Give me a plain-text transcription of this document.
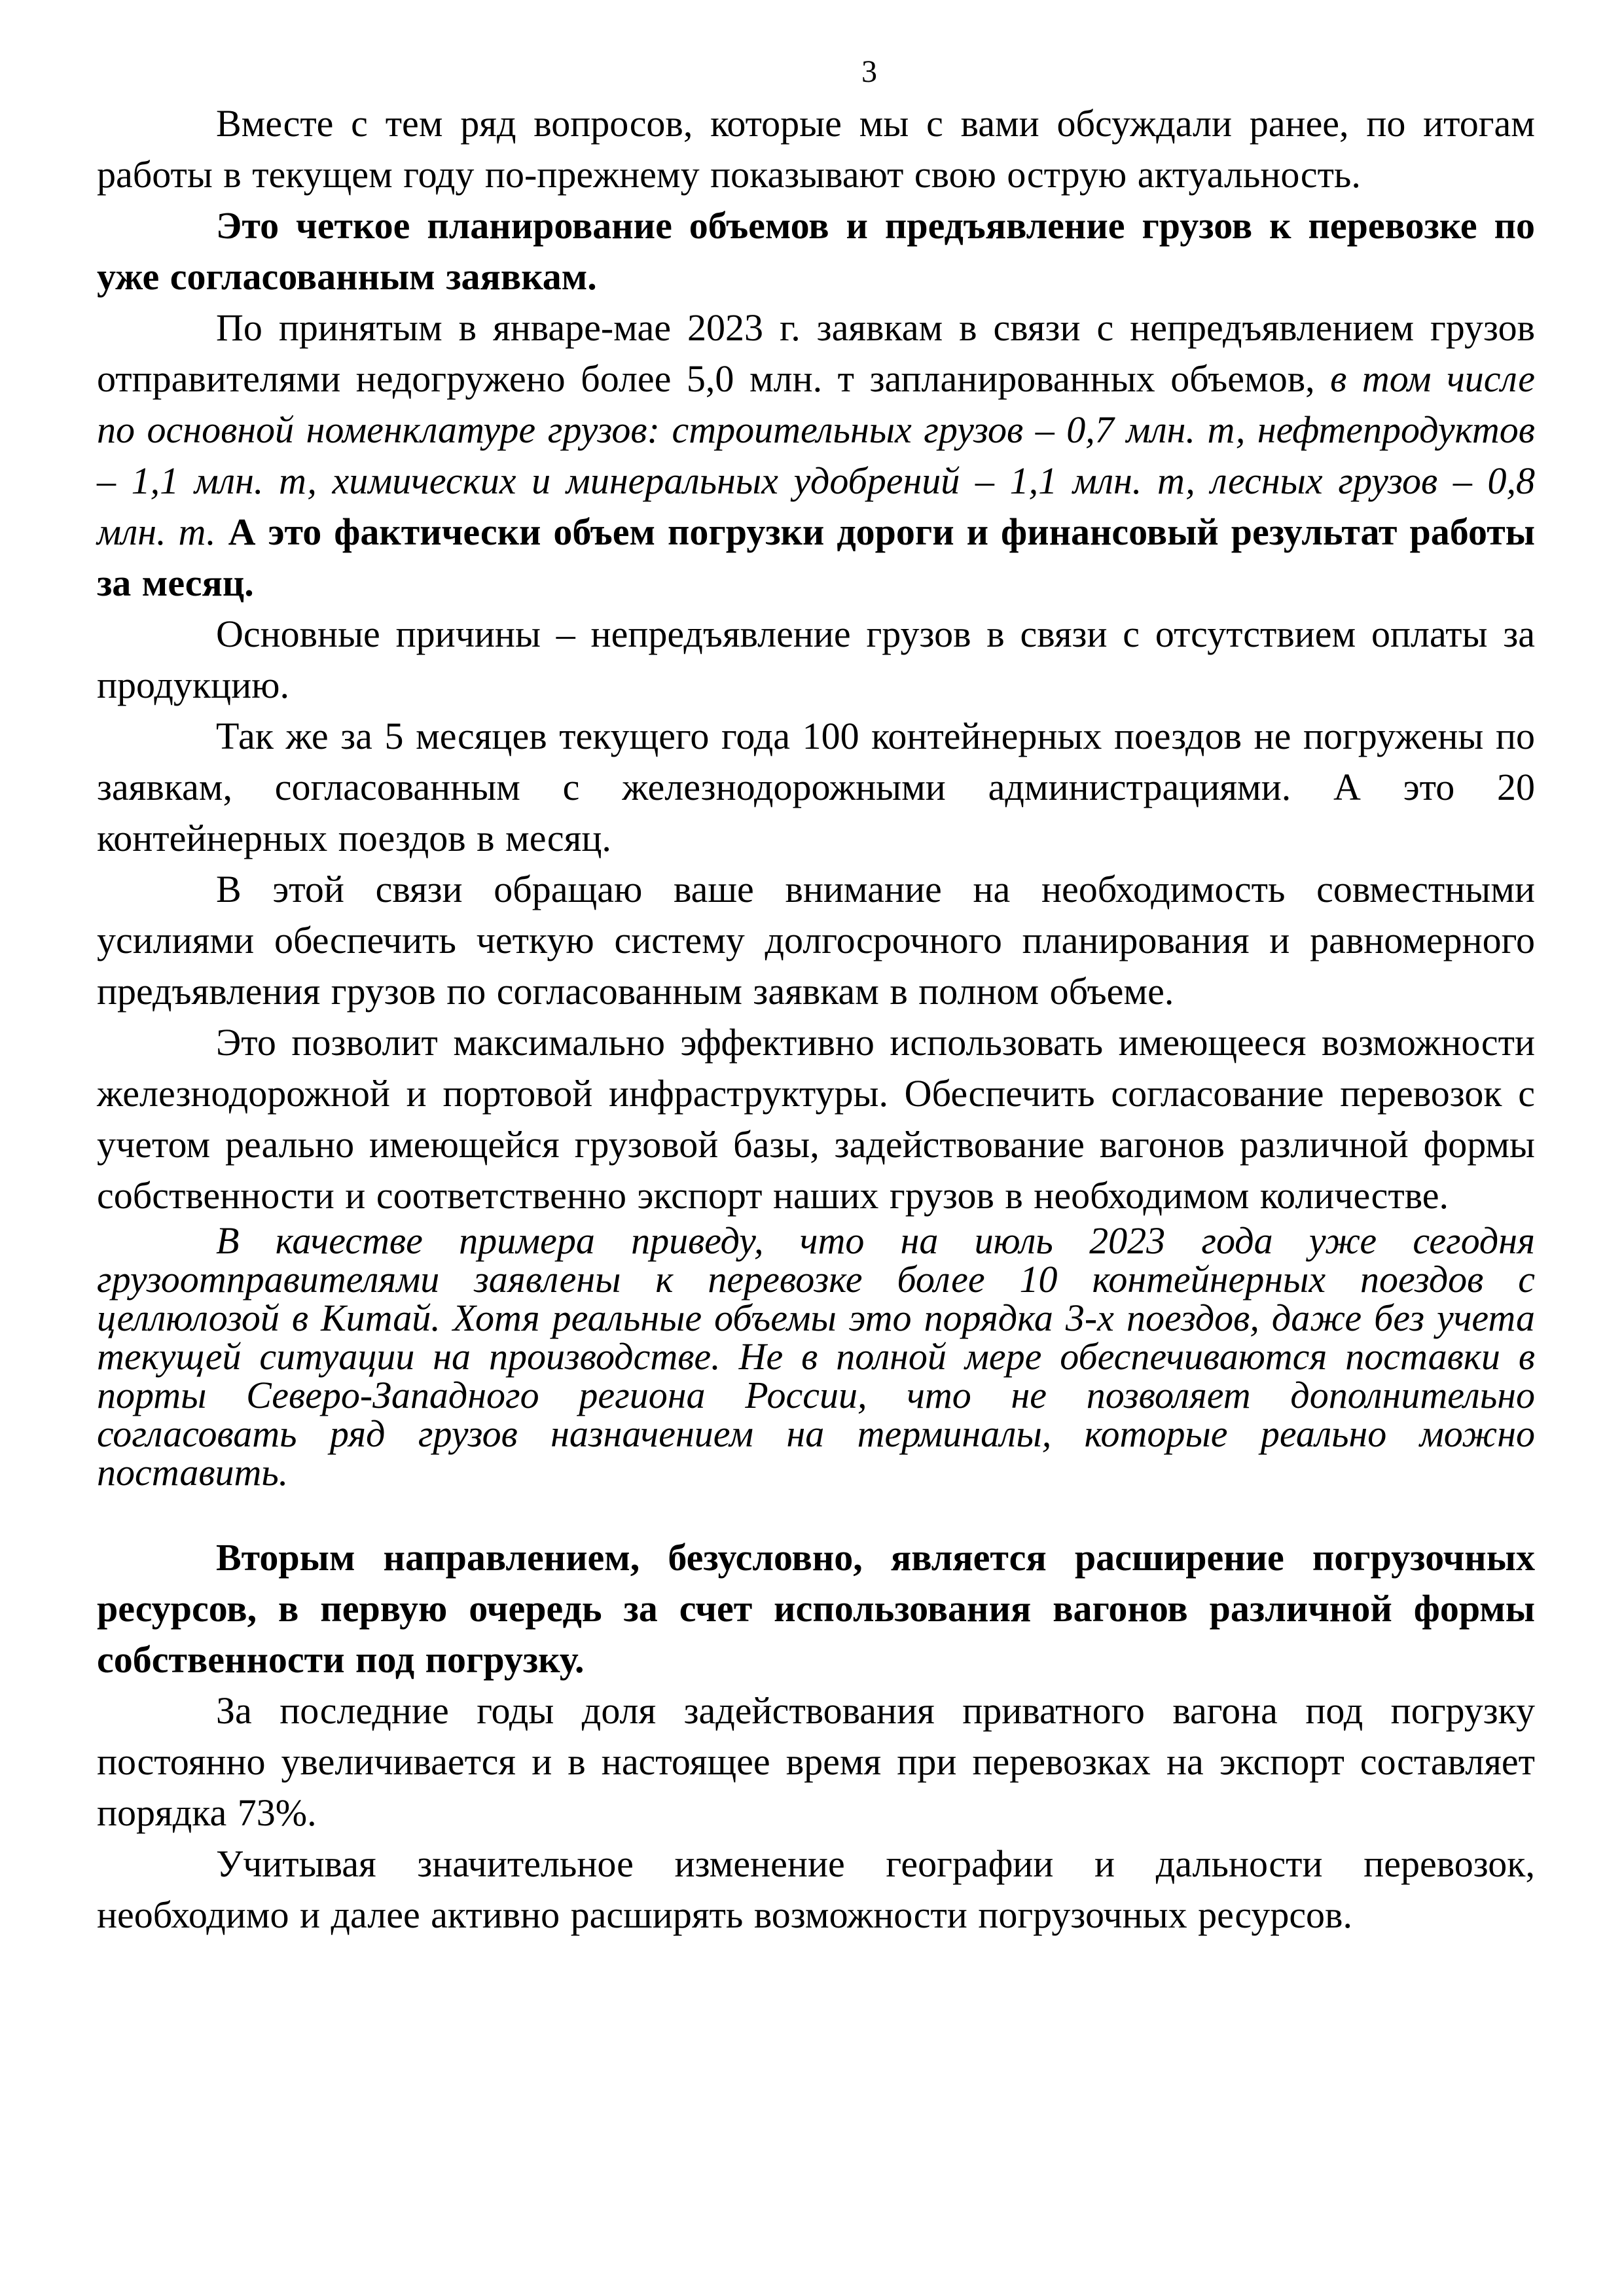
3

Вместе с тем ряд вопросов, которые мы с вами обсуждали ранее, по итогам работы в текущем году по-прежнему показывают свою острую актуальность.

Это четкое планирование объемов и предъявление грузов к перевозке по уже согласованным заявкам.

По принятым в январе-мае 2023 г. заявкам в связи с непредъявлением грузов отправителями недогружено более 5,0 млн. т запланированных объемов, в том числе по основной номенклатуре грузов: строительных грузов – 0,7 млн. т, нефтепродуктов – 1,1 млн. т, химических и минеральных удобрений – 1,1 млн. т, лесных грузов – 0,8 млн. т. А это фактически объем погрузки дороги и финансовый результат работы за месяц.

Основные причины – непредъявление грузов в связи с отсутствием оплаты за продукцию.

Так же за 5 месяцев текущего года 100 контейнерных поездов не погружены по заявкам, согласованным с железнодорожными администрациями. А это 20 контейнерных поездов в месяц.

В этой связи обращаю ваше внимание на необходимость совместными усилиями обеспечить четкую систему долгосрочного планирования и равномерного предъявления грузов по согласованным заявкам в полном объеме.

Это позволит максимально эффективно использовать имеющееся возможности железнодорожной и портовой инфраструктуры. Обеспечить согласование перевозок с учетом реально имеющейся грузовой базы, задействование вагонов различной формы собственности и соответственно экспорт наших грузов в необходимом количестве.

В качестве примера приведу, что на июль 2023 года уже сегодня грузоотправителями заявлены к перевозке более 10 контейнерных поездов с целлюлозой в Китай. Хотя реальные объемы это порядка 3-х поездов, даже без учета текущей ситуации на производстве. Не в полной мере обеспечиваются поставки в порты Северо-Западного региона России, что не позволяет дополнительно согласовать ряд грузов назначением на терминалы, которые реально можно поставить.

Вторым направлением, безусловно, является расширение погрузочных ресурсов, в первую очередь за счет использования вагонов различной формы собственности под погрузку.

За последние годы доля задействования приватного вагона под погрузку постоянно увеличивается и в настоящее время при перевозках на экспорт составляет порядка 73%.

Учитывая значительное изменение географии и дальности перевозок, необходимо и далее активно расширять возможности погрузочных ресурсов.
